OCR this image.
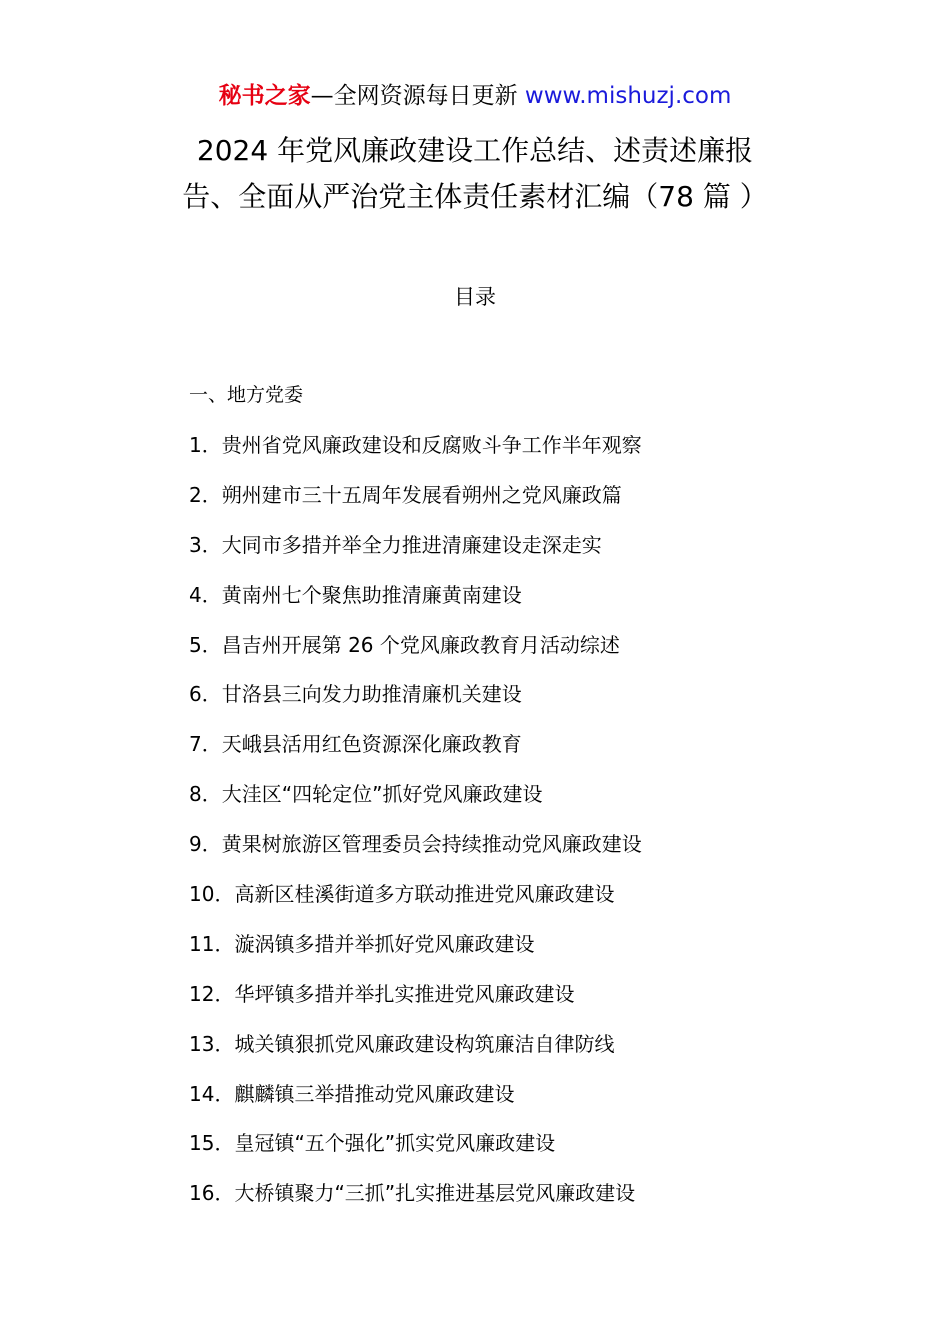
秘书之家—全网资源每日更新 www.mishuzj.com
2024 年党风廉政建设工作总结、述责述廉报
告、全面从严治党主体责任素材汇编（78 篇 ）
目录
一、地方党委
1．贵州省党风廉政建设和反腐败斗争工作半年观察
2．朔州建市三十五周年发展看朔州之党风廉政篇
3．大同市多措并举全力推进清廉建设走深走实
4．黄南州七个聚焦助推清廉黄南建设
5．昌吉州开展第 26 个党风廉政教育月活动综述
6．甘洛县三向发力助推清廉机关建设
7．天峨县活用红色资源深化廉政教育
8．大洼区“四轮定位”抓好党风廉政建设
9．黄果树旅游区管理委员会持续推动党风廉政建设
10．高新区桂溪街道多方联动推进党风廉政建设
11．漩涡镇多措并举抓好党风廉政建设
12．华坪镇多措并举扎实推进党风廉政建设
13．城关镇狠抓党风廉政建设构筑廉洁自律防线
14．麒麟镇三举措推动党风廉政建设
15．皇冠镇“五个强化”抓实党风廉政建设
16．大桥镇聚力“三抓”扎实推进基层党风廉政建设
